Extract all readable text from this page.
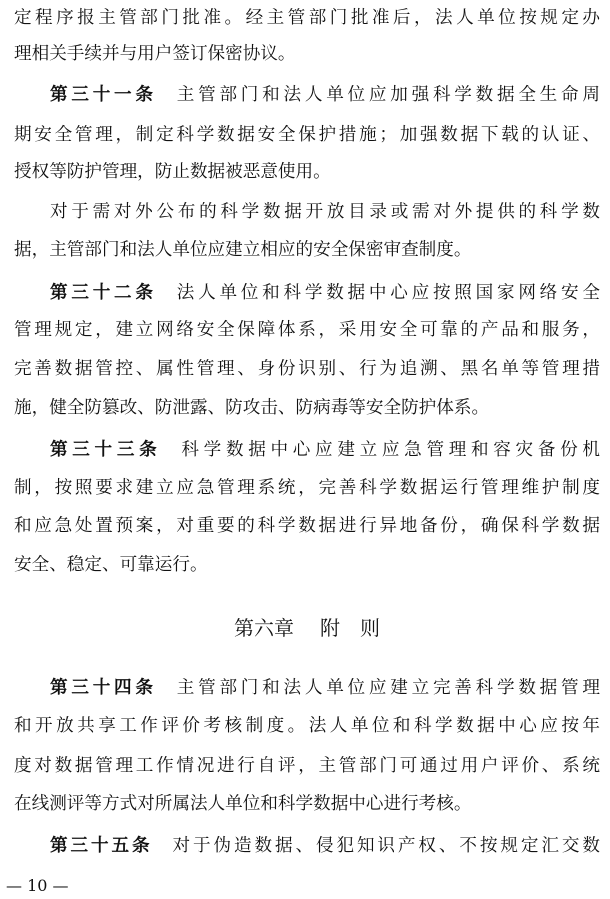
定程序报主管部门批准。经主管部门批准后，法人单位按规定办
理相关手续并与用户签订保密协议。
第三十一条 主管部门和法人单位应加强科学数据全生命周
期安全管理，制定科学数据安全保护措施；加强数据下载的认证、
授权等防护管理，防止数据被恶意使用。
对于需对外公布的科学数据开放目录或需对外提供的科学数
据，主管部门和法人单位应建立相应的安全保密审查制度。
第三十二条 法人单位和科学数据中心应按照国家网络安全
管理规定，建立网络安全保障体系，采用安全可靠的产品和服务，
完善数据管控、属性管理、身份识别、行为追溯、黑名单等管理措
施，健全防篡改、防泄露、防攻击、防病毒等安全防护体系。
第三十三条 科学数据中心应建立应急管理和容灾备份机
制，按照要求建立应急管理系统，完善科学数据运行管理维护制度
和应急处置预案，对重要的科学数据进行异地备份，确保科学数据
安全、稳定、可靠运行。
第六章 附　则
第三十四条 主管部门和法人单位应建立完善科学数据管理
和开放共享工作评价考核制度。法人单位和科学数据中心应按年
度对数据管理工作情况进行自评，主管部门可通过用户评价、系统
在线测评等方式对所属法人单位和科学数据中心进行考核。
第三十五条 对于伪造数据、侵犯知识产权、不按规定汇交数
— 10 —
